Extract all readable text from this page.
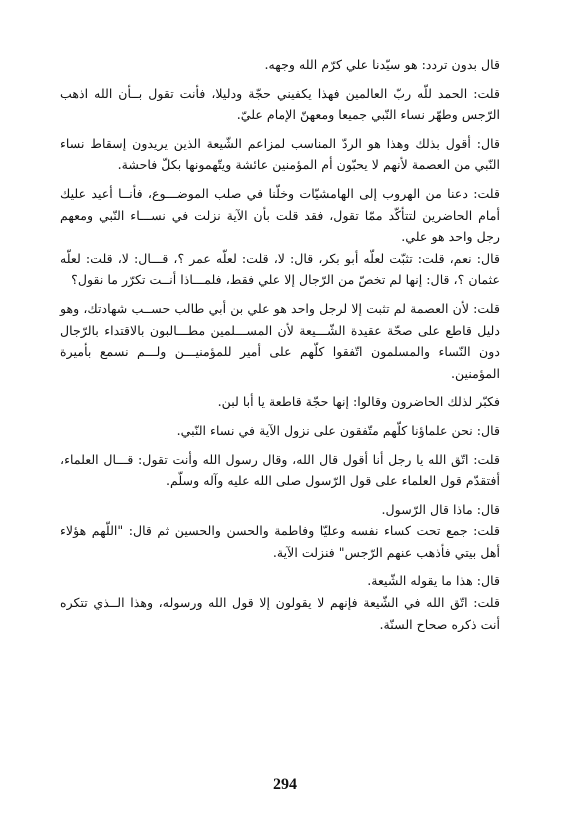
قال بدون تردد: هو سيّدنا علي كرّم الله وجهه.

قلت: الحمد للّه ربّ العالمين فهذا يكفيني حجّة ودليلا، فأنت تقول بــأن الله اذهب الرّجس وطهّر نساء النّبي جميعا ومعهنّ الإمام عليّ.

قال: أقول بذلك وهذا هو الردّ المناسب لمزاعم الشّيعة الذين يريدون إسقاط نساء النّبي من العصمة لأنهم لا يحبّون أم المؤمنين عائشة ويتّهمونها بكلّ فاحشة.

قلت: دعنا من الهروب إلى الهامشيّات وخلّنا في صلب الموضـــوع، فأنــا أعيد عليك أمام الحاضرين لتتأكّد ممّا تقول، فقد قلت بأن الآية نزلت في نســـاء النّبي ومعهم رجل واحد هو علي.

قال: نعم، قلت: تثبّت لعلّه أبو بكر، قال: لا، قلت: لعلّه عمر ؟، قـــال: لا، قلت: لعلّه عثمان ؟، قال: إنها لم تخصّ من الرّجال إلا علي فقط، فلمـــاذا أنــت تكرّر ما نقول؟

قلت: لأن العصمة لم تثبت إلا لرجل واحد هو علي بن أبي طالب حســب شهادتك، وهو دليل قاطع على صحّة عقيدة الشّـــيعة لأن المســـلمين مطـــالبون بالاقتداء بالرّجال دون النّساء والمسلمون اتّفقوا كلّهم على أمير للمؤمنيـــن ولـــم نسمع بأميرة المؤمنين.

فكبّر لذلك الحاضرون وقالوا: إنها حجّة قاطعة يا أبا لبن.

قال: نحن علماؤنا كلّهم متّفقون على نزول الآية في نساء النّبي.

قلت: اتّق الله يا رجل أنا أقول قال الله، وقال رسول الله وأنت تقول: قـــال العلماء، أفتقدّم قول العلماء على قول الرّسول صلى الله عليه وآله وسلّم.

قال: ماذا قال الرّسول.

قلت: جمع تحت كساء نفسه وعليّا وفاطمة والحسن والحسين ثم قال: "اللّهم هؤلاء أهل بيتي فأذهب عنهم الرّجس" فنزلت الآية.

قال: هذا ما يقوله الشّيعة.

قلت: اتّق الله في الشّيعة فإنهم لا يقولون إلا قول الله ورسوله، وهذا الــذي تتكره أنت ذكره صحاح السنّة.

294
